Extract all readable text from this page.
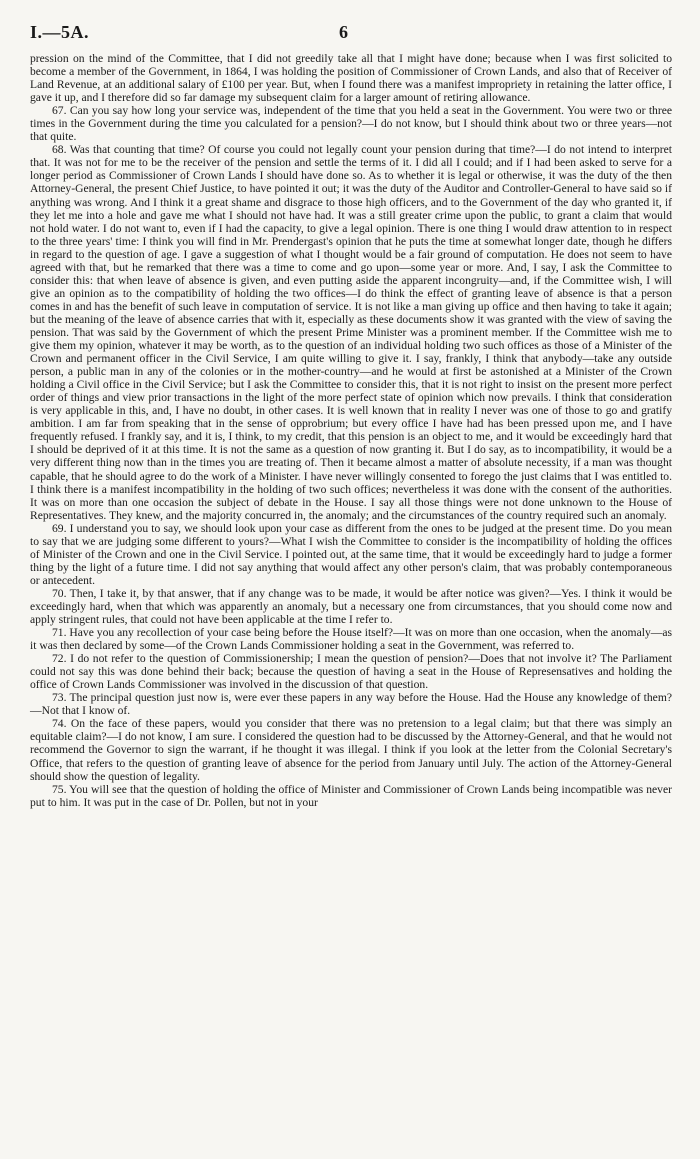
I.—5A.	6

pression on the mind of the Committee, that I did not greedily take all that I might have done; because when I was first solicited to become a member of the Government, in 1864, I was holding the position of Commissioner of Crown Lands, and also that of Receiver of Land Revenue, at an additional salary of £100 per year. But, when I found there was a manifest impropriety in retaining the latter office, I gave it up, and I therefore did so far damage my subsequent claim for a larger amount of retiring allowance.

67. Can you say how long your service was, independent of the time that you held a seat in the Government. You were two or three times in the Government during the time you calculated for a pension?—I do not know, but I should think about two or three years—not that quite.

68. Was that counting that time? Of course you could not legally count your pension during that time?—I do not intend to interpret that. It was not for me to be the receiver of the pension and settle the terms of it. I did all I could; and if I had been asked to serve for a longer period as Commissioner of Crown Lands I should have done so. As to whether it is legal or otherwise, it was the duty of the then Attorney-General, the present Chief Justice, to have pointed it out; it was the duty of the Auditor and Controller-General to have said so if anything was wrong. And I think it a great shame and disgrace to those high officers, and to the Government of the day who granted it, if they let me into a hole and gave me what I should not have had. It was a still greater crime upon the public, to grant a claim that would not hold water. I do not want to, even if I had the capacity, to give a legal opinion. There is one thing I would draw attention to in respect to the three years' time: I think you will find in Mr. Prendergast's opinion that he puts the time at somewhat longer date, though he differs in regard to the question of age. I gave a suggestion of what I thought would be a fair ground of computation. He does not seem to have agreed with that, but he remarked that there was a time to come and go upon—some year or more. And, I say, I ask the Committee to consider this: that when leave of absence is given, and even putting aside the apparent incongruity—and, if the Committee wish, I will give an opinion as to the compatibility of holding the two offices—I do think the effect of granting leave of absence is that a person comes in and has the benefit of such leave in computation of service. It is not like a man giving up office and then having to take it again; but the meaning of the leave of absence carries that with it, especially as these documents show it was granted with the view of saving the pension. That was said by the Government of which the present Prime Minister was a prominent member. If the Committee wish me to give them my opinion, whatever it may be worth, as to the question of an individual holding two such offices as those of a Minister of the Crown and permanent officer in the Civil Service, I am quite willing to give it. I say, frankly, I think that anybody—take any outside person, a public man in any of the colonies or in the mother-country—and he would at first be astonished at a Minister of the Crown holding a Civil office in the Civil Service; but I ask the Committee to consider this, that it is not right to insist on the present more perfect order of things and view prior transactions in the light of the more perfect state of opinion which now prevails. I think that consideration is very applicable in this, and, I have no doubt, in other cases. It is well known that in reality I never was one of those to go and gratify ambition. I am far from speaking that in the sense of opprobrium; but every office I have had has been pressed upon me, and I have frequently refused. I frankly say, and it is, I think, to my credit, that this pension is an object to me, and it would be exceedingly hard that I should be deprived of it at this time. It is not the same as a question of now granting it. But I do say, as to incompatibility, it would be a very different thing now than in the times you are treating of. Then it became almost a matter of absolute necessity, if a man was thought capable, that he should agree to do the work of a Minister. I have never willingly consented to forego the just claims that I was entitled to. I think there is a manifest incompatibility in the holding of two such offices; nevertheless it was done with the consent of the authorities. It was on more than one occasion the subject of debate in the House. I say all those things were not done unknown to the House of Representatives. They knew, and the majority concurred in, the anomaly; and the circumstances of the country required such an anomaly.

69. I understand you to say, we should look upon your case as different from the ones to be judged at the present time. Do you mean to say that we are judging some different to yours?—What I wish the Committee to consider is the incompatibility of holding the offices of Minister of the Crown and one in the Civil Service. I pointed out, at the same time, that it would be exceedingly hard to judge a former thing by the light of a future time. I did not say anything that would affect any other person's claim, that was probably contemporaneous or antecedent.

70. Then, I take it, by that answer, that if any change was to be made, it would be after notice was given?—Yes. I think it would be exceedingly hard, when that which was apparently an anomaly, but a necessary one from circumstances, that you should come now and apply stringent rules, that could not have been applicable at the time I refer to.

71. Have you any recollection of your case being before the House itself?—It was on more than one occasion, when the anomaly—as it was then declared by some—of the Crown Lands Commissioner holding a seat in the Government, was referred to.

72. I do not refer to the question of Commissionership; I mean the question of pension?—Does that not involve it? The Parliament could not say this was done behind their back; because the question of having a seat in the House of Represensatives and holding the office of Crown Lands Commissioner was involved in the discussion of that question.

73. The principal question just now is, were ever these papers in any way before the House. Had the House any knowledge of them?—Not that I know of.

74. On the face of these papers, would you consider that there was no pretension to a legal claim; but that there was simply an equitable claim?—I do not know, I am sure. I considered the question had to be discussed by the Attorney-General, and that he would not recommend the Governor to sign the warrant, if he thought it was illegal. I think if you look at the letter from the Colonial Secretary's Office, that refers to the question of granting leave of absence for the period from January until July. The action of the Attorney-General should show the question of legality.

75. You will see that the question of holding the office of Minister and Commissioner of Crown Lands being incompatible was never put to him. It was put in the case of Dr. Pollen, but not in your
